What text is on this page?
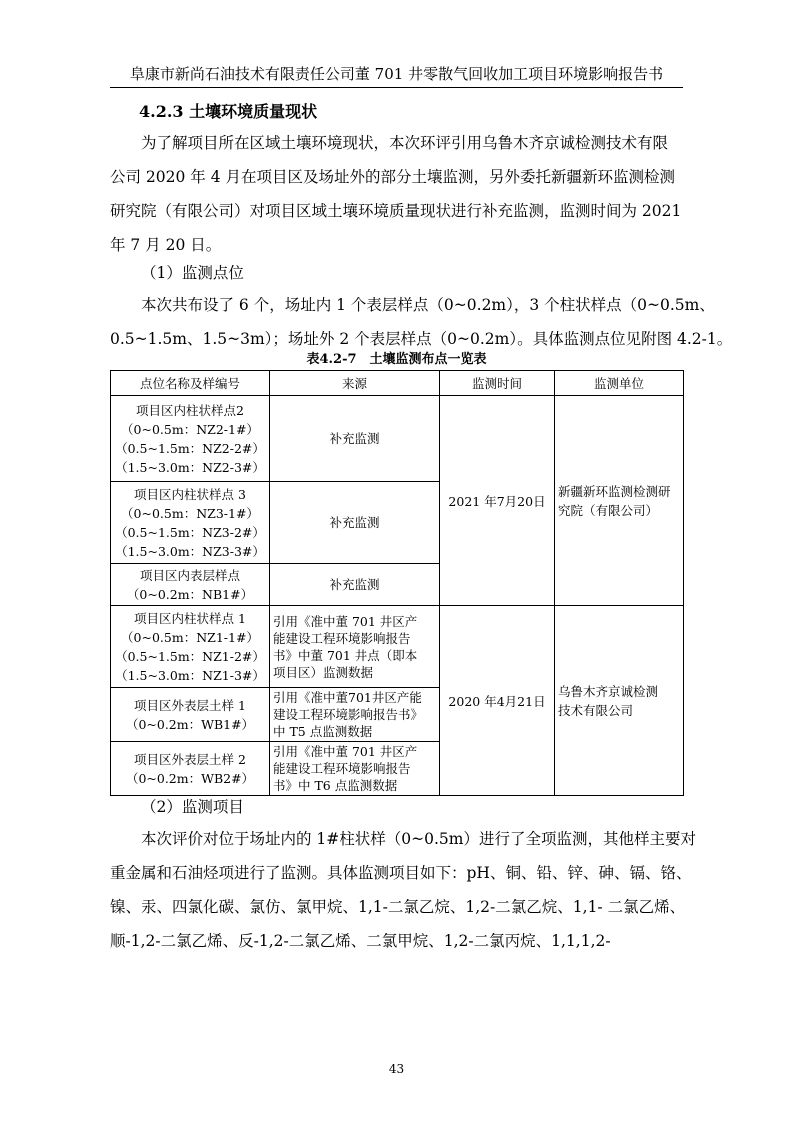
阜康市新尚石油技术有限责任公司董 701 井零散气回收加工项目环境影响报告书
4.2.3 土壤环境质量现状
为了解项目所在区域土壤环境现状，本次环评引用乌鲁木齐京诚检测技术有限
公司 2020 年 4 月在项目区及场址外的部分土壤监测，另外委托新疆新环监测检测
研究院（有限公司）对项目区域土壤环境质量现状进行补充监测，监测时间为 2021
年 7 月 20 日。
（1）监测点位
本次共布设了 6 个，场址内 1 个表层样点（0~0.2m），3 个柱状样点（0~0.5m、
0.5~1.5m、1.5~3m）；场址外 2 个表层样点（0~0.2m）。具体监测点位见附图 4.2-1。
表4.2-7　土壤监测布点一览表
点位名称及样编号	来源	监测时间	监测单位

项目区内柱状样点2
（0~0.5m：NZ2-1#）
（0.5~1.5m：NZ2-2#）
（1.5~3.0m：NZ2-3#）	补充监测	2021 年7月20日	新疆新环监测检测研
究院（有限公司）

项目区内柱状样点 3
（0~0.5m：NZ3-1#）
（0.5~1.5m：NZ3-2#）
（1.5~3.0m：NZ3-3#）	补充监测		

项目区内表层样点
（0~0.2m：NB1#）	补充监测		

项目区内柱状样点 1
（0~0.5m：NZ1-1#）
（0.5~1.5m：NZ1-2#）
（1.5~3.0m：NZ1-3#）	引用《准中董 701 井区产
能建设工程环境影响报告
书》中董 701 井点（即本
项目区）监测数据	2020 年4月21日	乌鲁木齐京诚检测
技术有限公司

项目区外表层土样 1
（0~0.2m：WB1#）	引用《准中董701井区产能
建设工程环境影响报告书》
中 T5 点监测数据		

项目区外表层土样 2
（0~0.2m：WB2#）	引用《准中董 701 井区产
能建设工程环境影响报告
书》中 T6 点监测数据		
（2）监测项目
本次评价对位于场址内的 1#柱状样（0~0.5m）进行了全项监测，其他样主要对
重金属和石油烃项进行了监测。具体监测项目如下：pH、铜、铅、锌、砷、镉、铬、
镍、汞、四氯化碳、氯仿、氯甲烷、1,1-二氯乙烷、1,2-二氯乙烷、1,1- 二氯乙烯、
顺-1,2-二氯乙烯、反-1,2-二氯乙烯、二氯甲烷、1,2-二氯丙烷、1,1,1,2-
43
